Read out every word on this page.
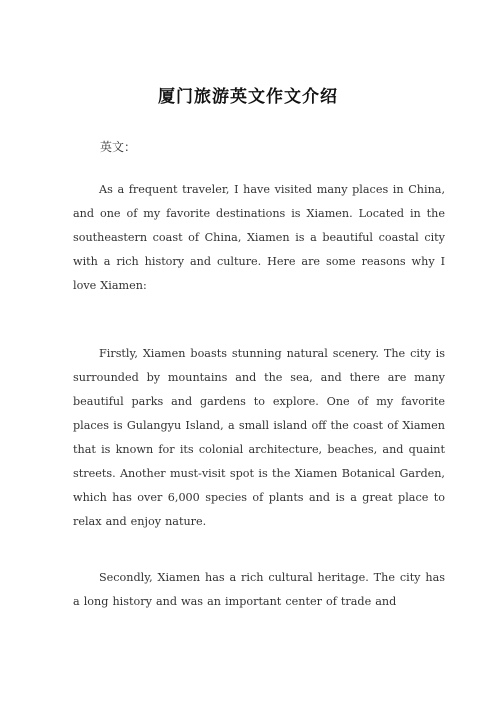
厦门旅游英文作文介绍
英文：

As a frequent traveler, I have visited many places in China, and one of my favorite destinations is Xiamen. Located in the southeastern coast of China, Xiamen is a beautiful coastal city with a rich history and culture. Here are some reasons why I love Xiamen:

Firstly, Xiamen boasts stunning natural scenery. The city is surrounded by mountains and the sea, and there are many beautiful parks and gardens to explore. One of my favorite places is Gulangyu Island, a small island off the coast of Xiamen that is known for its colonial architecture, beaches, and quaint streets. Another must-visit spot is the Xiamen Botanical Garden, which has over 6,000 species of plants and is a great place to relax and enjoy nature.

Secondly, Xiamen has a rich cultural heritage. The city has a long history and was an important center of trade and
